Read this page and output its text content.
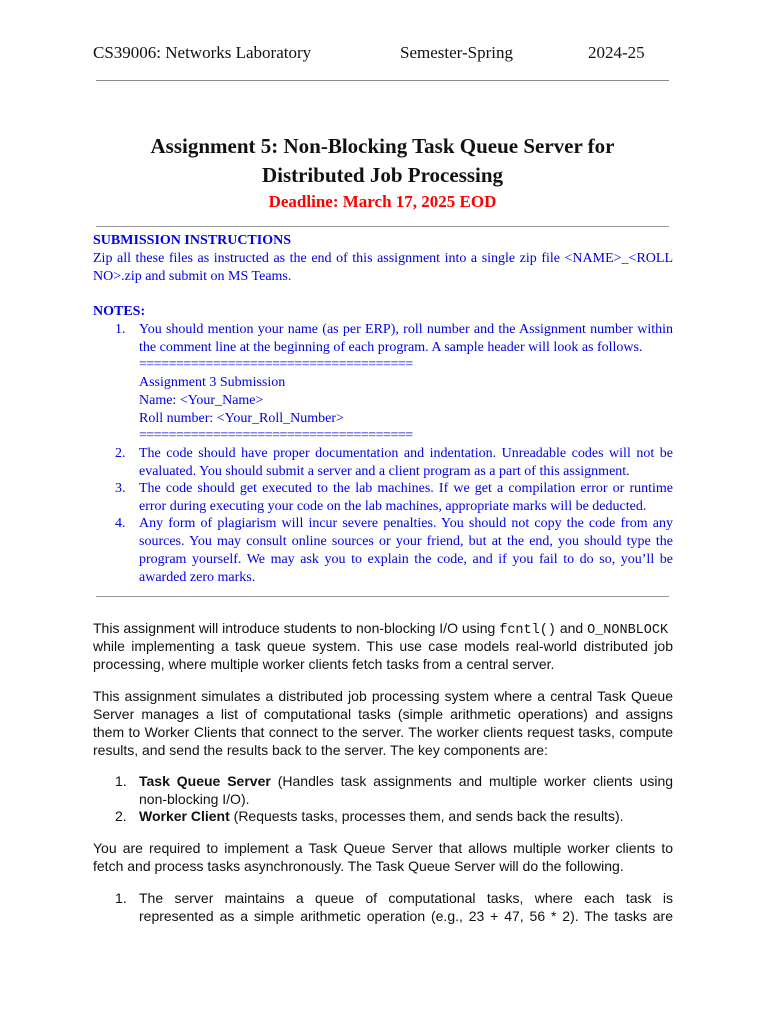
CS39006: Networks Laboratory	Semester-Spring	2024-25
Assignment 5: Non-Blocking Task Queue Server for
Distributed Job Processing
Deadline: March 17, 2025 EOD
SUBMISSION INSTRUCTIONS
Zip all these files as instructed as the end of this assignment into a single zip file <NAME>_<ROLL
NO>.zip and submit on MS Teams.
NOTES:
1. You should mention your name (as per ERP), roll number and the Assignment number within
the comment line at the beginning of each program. A sample header will look as follows.
=====================================
Assignment 3 Submission
Name: <Your_Name>
Roll number: <Your_Roll_Number>
=====================================
2. The code should have proper documentation and indentation. Unreadable codes will not be
evaluated. You should submit a server and a client program as a part of this assignment.
3. The code should get executed to the lab machines. If we get a compilation error or runtime
error during executing your code on the lab machines, appropriate marks will be deducted.
4. Any form of plagiarism will incur severe penalties. You should not copy the code from any
sources. You may consult online sources or your friend, but at the end, you should type the
program yourself. We may ask you to explain the code, and if you fail to do so, you’ll be
awarded zero marks.
This assignment will introduce students to non-blocking I/O using fcntl() and O_NONBLOCK
while implementing a task queue system. This use case models real-world distributed job
processing, where multiple worker clients fetch tasks from a central server.
This assignment simulates a distributed job processing system where a central Task Queue
Server manages a list of computational tasks (simple arithmetic operations) and assigns
them to Worker Clients that connect to the server. The worker clients request tasks, compute
results, and send the results back to the server. The key components are:
1. Task Queue Server (Handles task assignments and multiple worker clients using
non-blocking I/O).
2. Worker Client (Requests tasks, processes them, and sends back the results).
You are required to implement a Task Queue Server that allows multiple worker clients to
fetch and process tasks asynchronously. The Task Queue Server will do the following.
1. The server maintains a queue of computational tasks, where each task is
represented as a simple arithmetic operation (e.g., 23 + 47, 56 * 2). The tasks are
